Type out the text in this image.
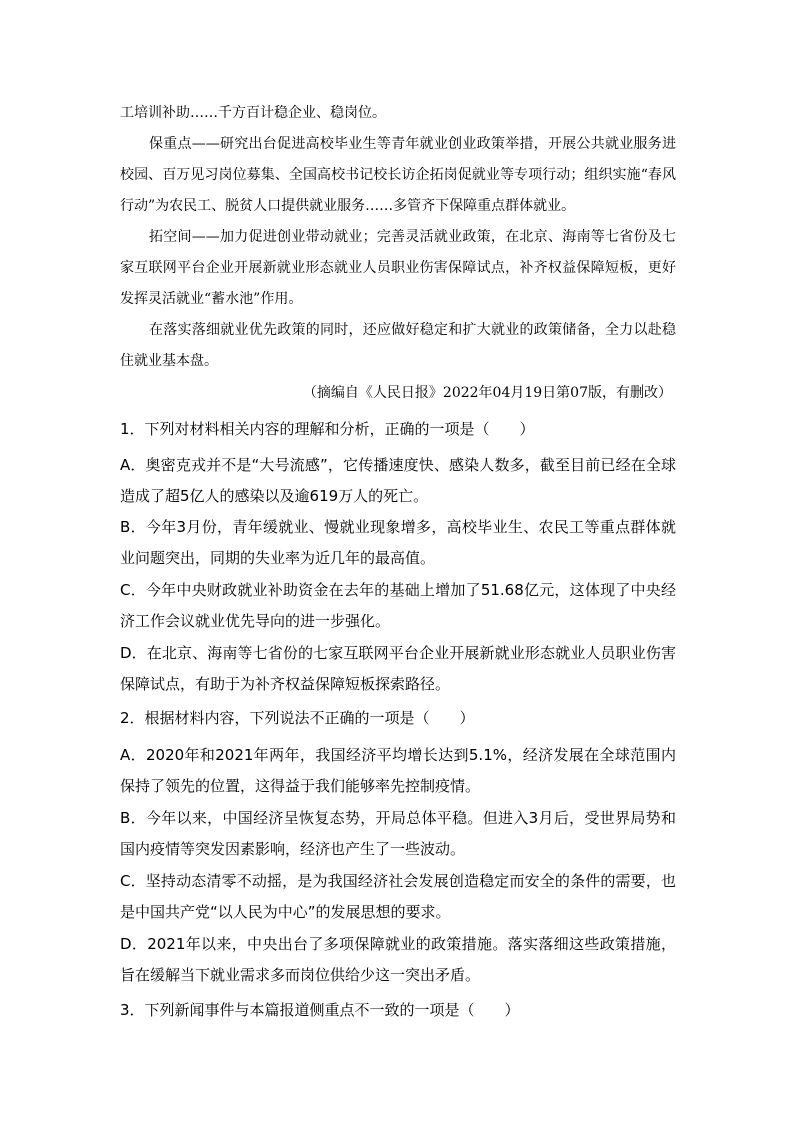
工培训补助……千方百计稳企业、稳岗位。

保重点——研究出台促进高校毕业生等青年就业创业政策举措，开展公共就业服务进校园、百万见习岗位募集、全国高校书记校长访企拓岗促就业等专项行动；组织实施“春风行动”为农民工、脱贫人口提供就业服务……多管齐下保障重点群体就业。

拓空间——加力促进创业带动就业；完善灵活就业政策，在北京、海南等七省份及七家互联网平台企业开展新就业形态就业人员职业伤害保障试点，补齐权益保障短板，更好发挥灵活就业“蓄水池”作用。

在落实落细就业优先政策的同时，还应做好稳定和扩大就业的政策储备，全力以赴稳住就业基本盘。

（摘编自《人民日报》2022年04月19日第07版，有删改）

1．下列对材料相关内容的理解和分析，正确的一项是（　　）

A．奥密克戎并不是“大号流感”，它传播速度快、感染人数多，截至目前已经在全球造成了超5亿人的感染以及逾619万人的死亡。

B．今年3月份，青年缓就业、慢就业现象增多，高校毕业生、农民工等重点群体就业问题突出，同期的失业率为近几年的最高值。

C．今年中央财政就业补助资金在去年的基础上增加了51.68亿元，这体现了中央经济工作会议就业优先导向的进一步强化。

D．在北京、海南等七省份的七家互联网平台企业开展新就业形态就业人员职业伤害保障试点，有助于为补齐权益保障短板探索路径。

2．根据材料内容，下列说法不正确的一项是（　　）

A．2020年和2021年两年，我国经济平均增长达到5.1%，经济发展在全球范围内保持了领先的位置，这得益于我们能够率先控制疫情。

B．今年以来，中国经济呈恢复态势，开局总体平稳。但进入3月后，受世界局势和国内疫情等突发因素影响，经济也产生了一些波动。

C．坚持动态清零不动摇，是为我国经济社会发展创造稳定而安全的条件的需要，也是中国共产党“以人民为中心”的发展思想的要求。

D．2021年以来，中央出台了多项保障就业的政策措施。落实落细这些政策措施，旨在缓解当下就业需求多而岗位供给少这一突出矛盾。

3．下列新闻事件与本篇报道侧重点不一致的一项是（　　）
